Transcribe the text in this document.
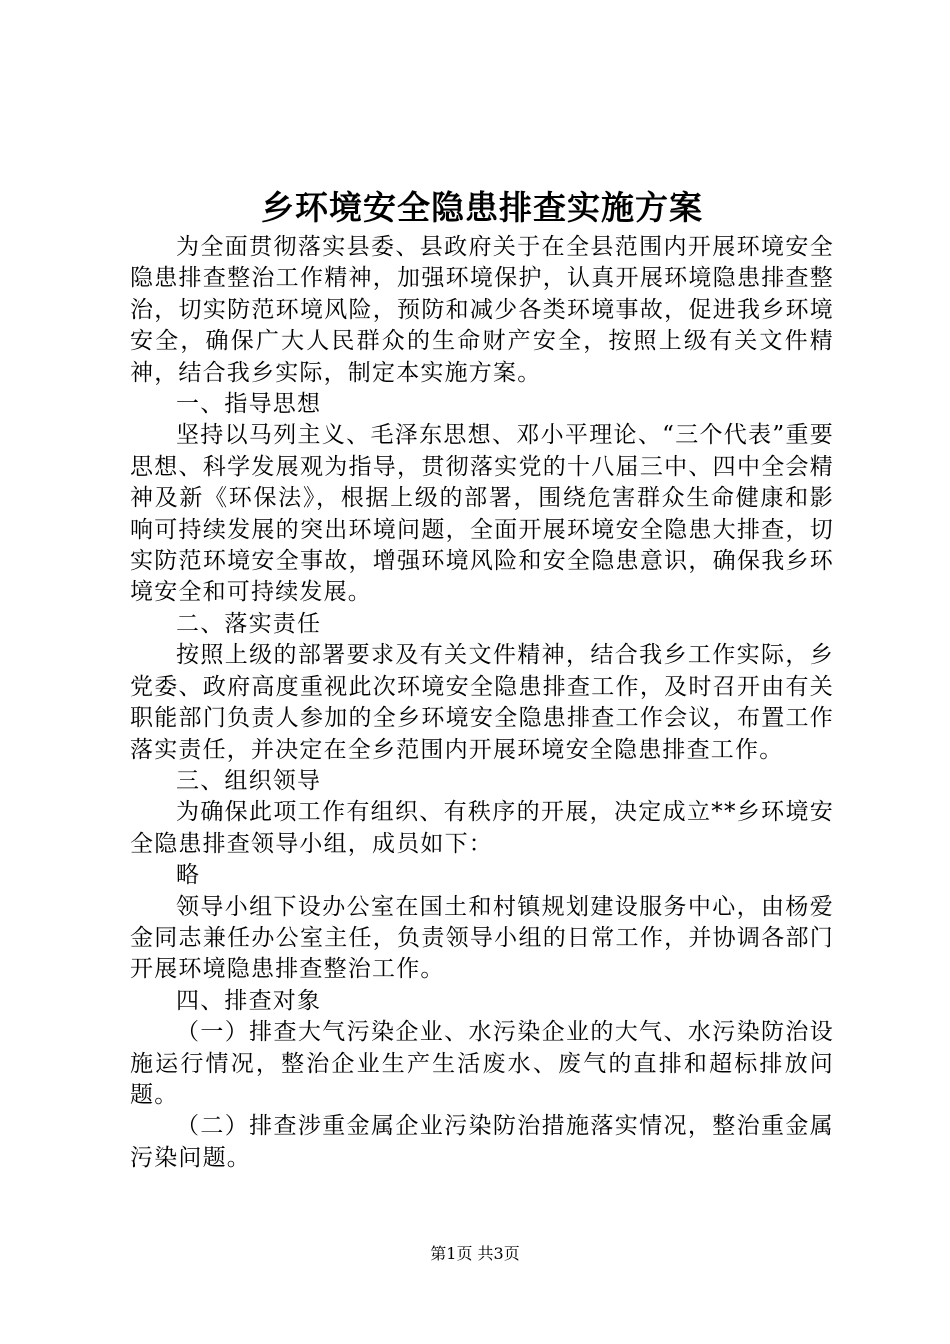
乡环境安全隐患排查实施方案

为全面贯彻落实县委、县政府关于在全县范围内开展环境安全隐患排查整治工作精神，加强环境保护，认真开展环境隐患排查整治，切实防范环境风险，预防和减少各类环境事故，促进我乡环境安全，确保广大人民群众的生命财产安全，按照上级有关文件精神，结合我乡实际，制定本实施方案。

一、指导思想

坚持以马列主义、毛泽东思想、邓小平理论、“三个代表”重要思想、科学发展观为指导，贯彻落实党的十八届三中、四中全会精神及新《环保法》，根据上级的部署，围绕危害群众生命健康和影响可持续发展的突出环境问题，全面开展环境安全隐患大排查，切实防范环境安全事故，增强环境风险和安全隐患意识，确保我乡环境安全和可持续发展。

二、落实责任

按照上级的部署要求及有关文件精神，结合我乡工作实际，乡党委、政府高度重视此次环境安全隐患排查工作，及时召开由有关职能部门负责人参加的全乡环境安全隐患排查工作会议，布置工作落实责任，并决定在全乡范围内开展环境安全隐患排查工作。

三、组织领导

为确保此项工作有组织、有秩序的开展，决定成立**乡环境安全隐患排查领导小组，成员如下：

略

领导小组下设办公室在国土和村镇规划建设服务中心，由杨爱金同志兼任办公室主任，负责领导小组的日常工作，并协调各部门开展环境隐患排查整治工作。

四、排查对象

（一）排查大气污染企业、水污染企业的大气、水污染防治设施运行情况，整治企业生产生活废水、废气的直排和超标排放问题。

（二）排查涉重金属企业污染防治措施落实情况，整治重金属污染问题。

第1页 共3页
